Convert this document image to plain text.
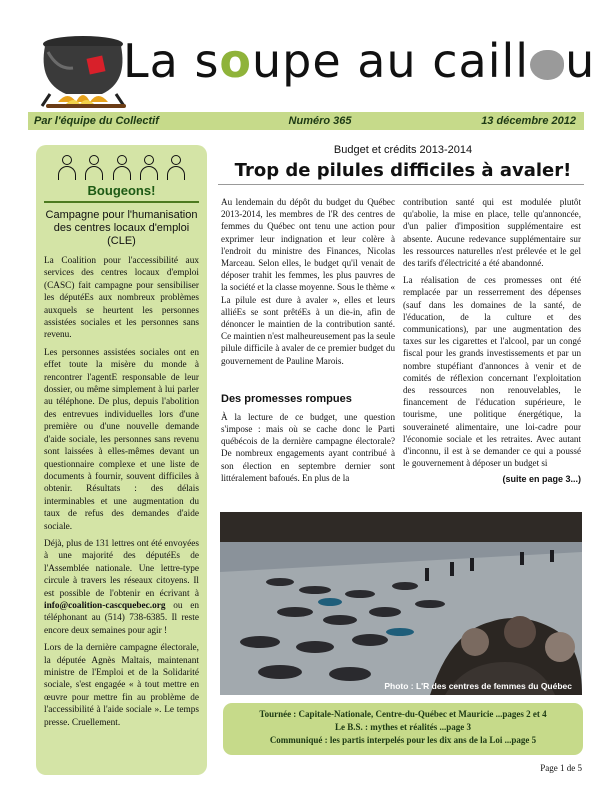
La soupe au caill u
Par l'équipe du Collectif	Numéro 365	13 décembre 2012
Bougeons!
Campagne pour l'humanisation des centres locaux d'emploi (CLE)

La Coalition pour l'accessibilité aux services des centres locaux d'emploi (CASC) fait campagne pour sensibiliser les députéEs aux nombreux problèmes auxquels se heurtent les personnes assistées sociales et les personnes sans revenu.

Les personnes assistées sociales ont en effet toute la misère du monde à rencontrer l'agentE responsable de leur dossier, ou même simplement à lui parler au téléphone. De plus, depuis l'abolition des entrevues individuelles lors d'une première ou d'une nouvelle demande d'aide sociale, les personnes sans revenu sont laissées à elles-mêmes devant un questionnaire complexe et une liste de documents à fournir, souvent difficiles à obtenir. Résultats : des délais interminables et une augmentation du taux de refus des demandes d'aide sociale.

Déjà, plus de 131 lettres ont été envoyées à une majorité des députéEs de l'Assemblée nationale. Une lettre-type circule à travers les réseaux citoyens. Il est possible de l'obtenir en écrivant à info@coalition-cascquebec.org ou en téléphonant au (514) 738-6385. Il reste encore deux semaines pour agir !

Lors de la dernière campagne électorale, la députée Agnès Maltais, maintenant ministre de l'Emploi et de la Solidarité sociale, s'est engagée « à tout mettre en œuvre pour mettre fin au problème de l'accessibilité à l'aide sociale ». Le temps presse. Cruellement.

Budget et crédits 2013-2014
Trop de pilules difficiles à avaler!

Au lendemain du dépôt du budget du Québec 2013-2014, les membres de l'R des centres de femmes du Québec ont tenu une action pour exprimer leur indignation et leur colère à l'endroit du ministre des Finances, Nicolas Marceau. Selon elles, le budget qu'il venait de déposer trahit les femmes, les plus pauvres de la société et la classe moyenne. Sous le thème « La pilule est dure à avaler », elles et leurs alliéEs se sont prêtéEs à un die-in, afin de dénoncer le maintien de la contribution santé. Ce maintien n'est malheureusement pas la seule pilule difficile à avaler de ce premier budget du gouvernement de Pauline Marois.

Des promesses rompues

À la lecture de ce budget, une question s'impose : mais où se cache donc le Parti québécois de la dernière campagne électorale? De nombreux engagements ayant contribué à son élection en septembre dernier sont littéralement bafoués. En plus de la

contribution santé qui est modulée plutôt qu'abolie, la mise en place, telle qu'annoncée, d'un palier d'imposition supplémentaire est absente. Aucune redevance supplémentaire sur les ressources naturelles n'est prélevée et le gel des tarifs d'électricité a été abandonné.

La réalisation de ces promesses ont été remplacée par un resserrement des dépenses (sauf dans les domaines de la santé, de l'éducation, de la culture et des communications), par une augmentation des taxes sur les cigarettes et l'alcool, par un congé fiscal pour les grands investissements et par un nombre stupéfiant d'annonces à venir et de comités de réflexion concernant l'exploitation des ressources non renouvelables, le financement de l'éducation supérieure, le tourisme, une politique énergétique, la souveraineté alimentaire, une loi-cadre pour l'économie sociale et les retraites. Avec autant d'inconnu, il est à se demander ce qui a poussé le gouvernement à déposer un budget si

(suite en page 3...)
Photo : L'R des centres de femmes du Québec
Tournée : Capitale-Nationale, Centre-du-Québec et Mauricie ...pages 2 et 4
Le B.S. : mythes et réalités ...page 3
Communiqué : les partis interpelés pour les dix ans de la Loi ...page 5
Page 1 de 5
